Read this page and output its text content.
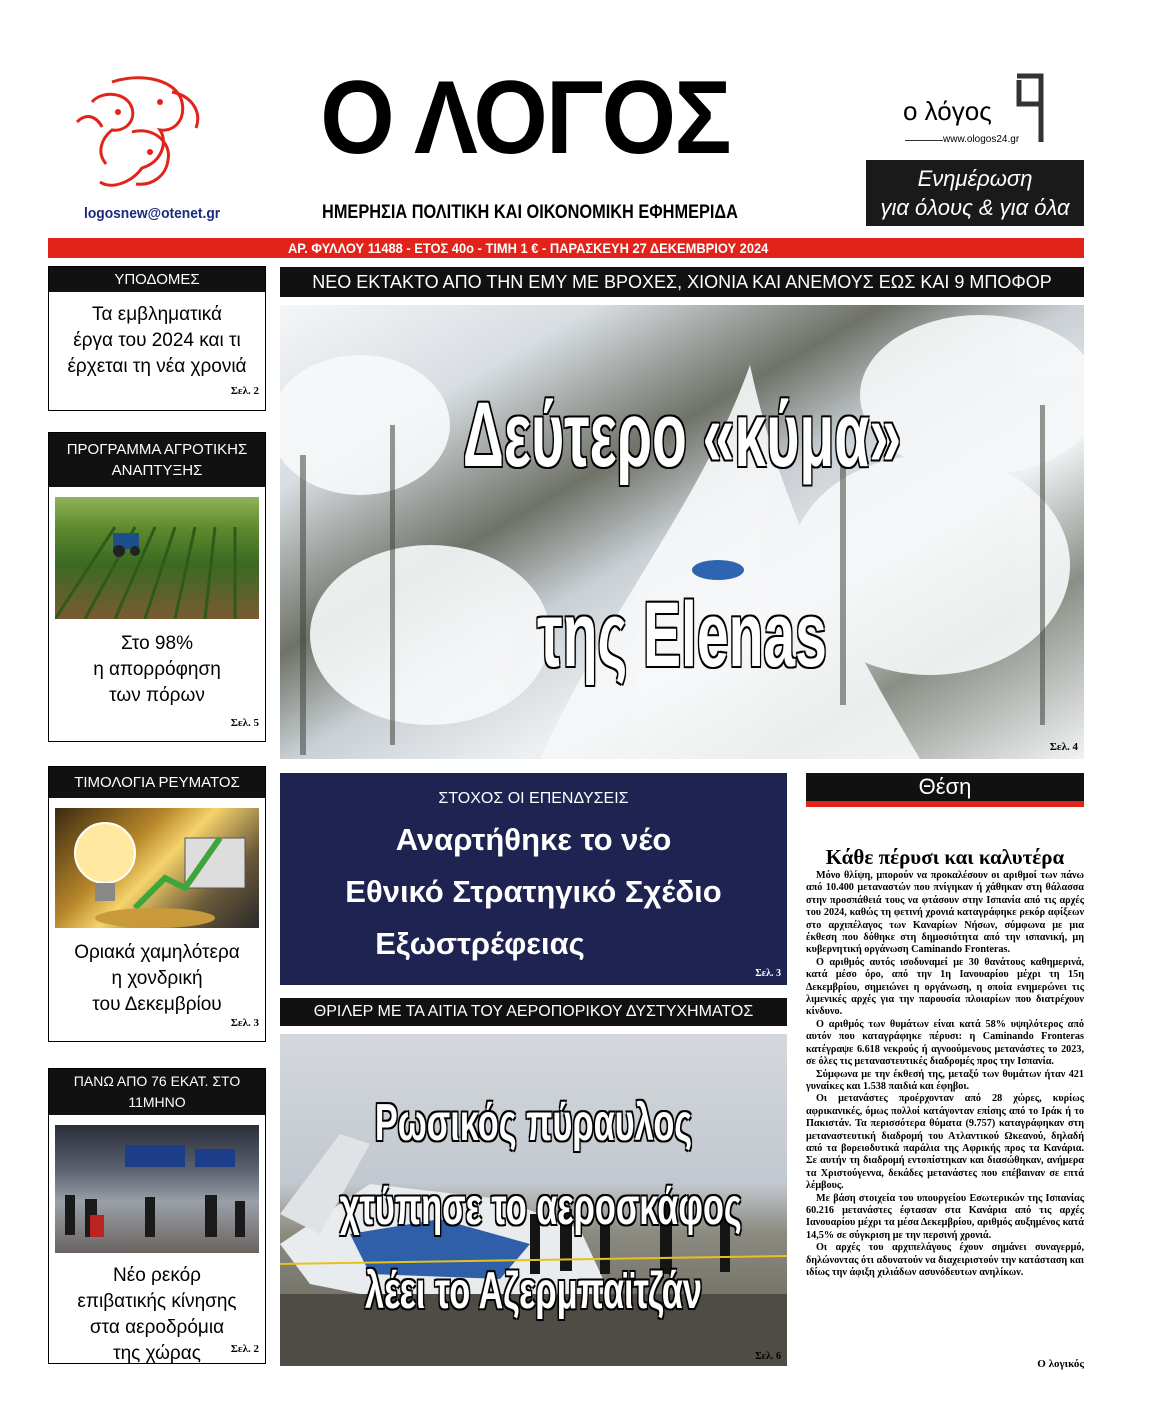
logosnew@otenet.gr
Ο ΛΟΓΟΣ
ΗΜΕΡΗΣΙΑ ΠΟΛΙΤΙΚΗ ΚΑΙ ΟΙΚΟΝΟΜΙΚΗ ΕΦΗΜΕΡΙΔΑ
ο λόγος
www.ologos24.gr
Ενημέρωση
για όλους & για όλα
ΑΡ. ΦΥΛΛΟΥ 11488 - ΕΤΟΣ 40ο - ΤΙΜΗ 1 € - ΠΑΡΑΣΚΕΥΗ 27 ΔΕΚΕΜΒΡΙΟΥ 2024
ΥΠΟΔΟΜΕΣ
Τα εμβληματικά
έργα του 2024 και τι
έρχεται τη νέα χρονιά
Σελ. 2
ΠΡΟΓΡΑΜΜΑ ΑΓΡΟΤΙΚΗΣ
ΑΝΑΠΤΥΞΗΣ
Στο 98%
η απορρόφηση
των πόρων
Σελ. 5
ΤΙΜΟΛΟΓΙΑ ΡΕΥΜΑΤΟΣ
Οριακά χαμηλότερα
η χονδρική
του Δεκεμβρίου
Σελ. 3
ΠΑΝΩ ΑΠΟ 76 ΕΚΑΤ. ΣΤΟ 11ΜΗΝΟ
Νέο ρεκόρ
επιβατικής κίνησης
στα αεροδρόμια
της χώρας	Σελ. 2
ΝΕΟ ΕΚΤΑΚΤΟ ΑΠΟ ΤΗΝ ΕΜΥ ΜΕ ΒΡΟΧΕΣ, ΧΙΟΝΙΑ ΚΑΙ ΑΝΕΜΟΥΣ ΕΩΣ ΚΑΙ 9 ΜΠΟΦΟΡ
Δεύτερο «κύμα»
της Elenas
Σελ. 4
ΣΤΟΧΟΣ ΟΙ ΕΠΕΝΔΥΣΕΙΣ
Αναρτήθηκε το νέο
Εθνικό Στρατηγικό Σχέδιο
Εξωστρέφειας
Σελ. 3
ΘΡΙΛΕΡ ΜΕ ΤΑ ΑΙΤΙΑ ΤΟΥ ΑΕΡΟΠΟΡΙΚΟΥ ΔΥΣΤΥΧΗΜΑΤΟΣ
Ρωσικός πύραυλος
χτύπησε το αεροσκάφος
λέει το Αζερμπαϊτζάν
Σελ. 6
Θέση
Κάθε πέρυσι και καλυτέρα

Μόνο θλίψη, μπορούν να προκαλέσουν οι αριθμοί των πάνω από 10.400 μεταναστών που πνίγηκαν ή χάθηκαν στη θάλασσα στην προσπάθειά τους να φτάσουν στην Ισπανία από τις αρχές του 2024, καθώς τη φετινή χρονιά καταγράφηκε ρεκόρ αφίξεων στο αρχιπέλαγος των Καναρίων Νήσων, σύμφωνα με μια έκθεση που δόθηκε στη δημοσιότητα από την ισπανική, μη κυβερνητική οργάνωση Caminando Fronteras.

Ο αριθμός αυτός ισοδυναμεί με 30 θανάτους καθημερινά, κατά μέσο όρο, από την 1η Ιανουαρίου μέχρι τη 15η Δεκεμβρίου, σημειώνει η οργάνωση, η οποία ενημερώνει τις λιμενικές αρχές για την παρουσία πλοιαρίων που διατρέχουν κίνδυνο.

Ο αριθμός των θυμάτων είναι κατά 58% υψηλότερος από αυτόν που καταγράφηκε πέρυσι: η Caminando Fronteras κατέγραψε 6.618 νεκρούς ή αγνοούμενους μετανάστες το 2023, σε όλες τις μεταναστευτικές διαδρομές προς την Ισπανία.

Σύμφωνα με την έκθεσή της, μεταξύ των θυμάτων ήταν 421 γυναίκες και 1.538 παιδιά και έφηβοι.

Οι μετανάστες προέρχονταν από 28 χώρες, κυρίως αφρικανικές, όμως πολλοί κατάγονταν επίσης από το Ιράκ ή το Πακιστάν. Τα περισσότερα θύματα (9.757) καταγράφηκαν στη μεταναστευτική διαδρομή του Ατλαντικού Ωκεανού, δηλαδή από τα βορειοδυτικά παράλια της Αφρικής προς τα Κανάρια. Σε αυτήν τη διαδρομή εντοπίστηκαν και διασώθηκαν, ανήμερα τα Χριστούγεννα, δεκάδες μετανάστες που επέβαιναν σε επτά λέμβους.

Με βάση στοιχεία του υπουργείου Εσωτερικών της Ισπανίας 60.216 μετανάστες έφτασαν στα Κανάρια από τις αρχές Ιανουαρίου μέχρι τα μέσα Δεκεμβρίου, αριθμός αυξημένος κατά 14,5% σε σύγκριση με την περσινή χρονιά.

Οι αρχές του αρχιπελάγους έχουν σημάνει συναγερμό, δηλώνοντας ότι αδυνατούν να διαχειριστούν την κατάσταση και ιδίως την άφιξη χιλιάδων ασυνόδευτων ανηλίκων.

Ο λογικός
